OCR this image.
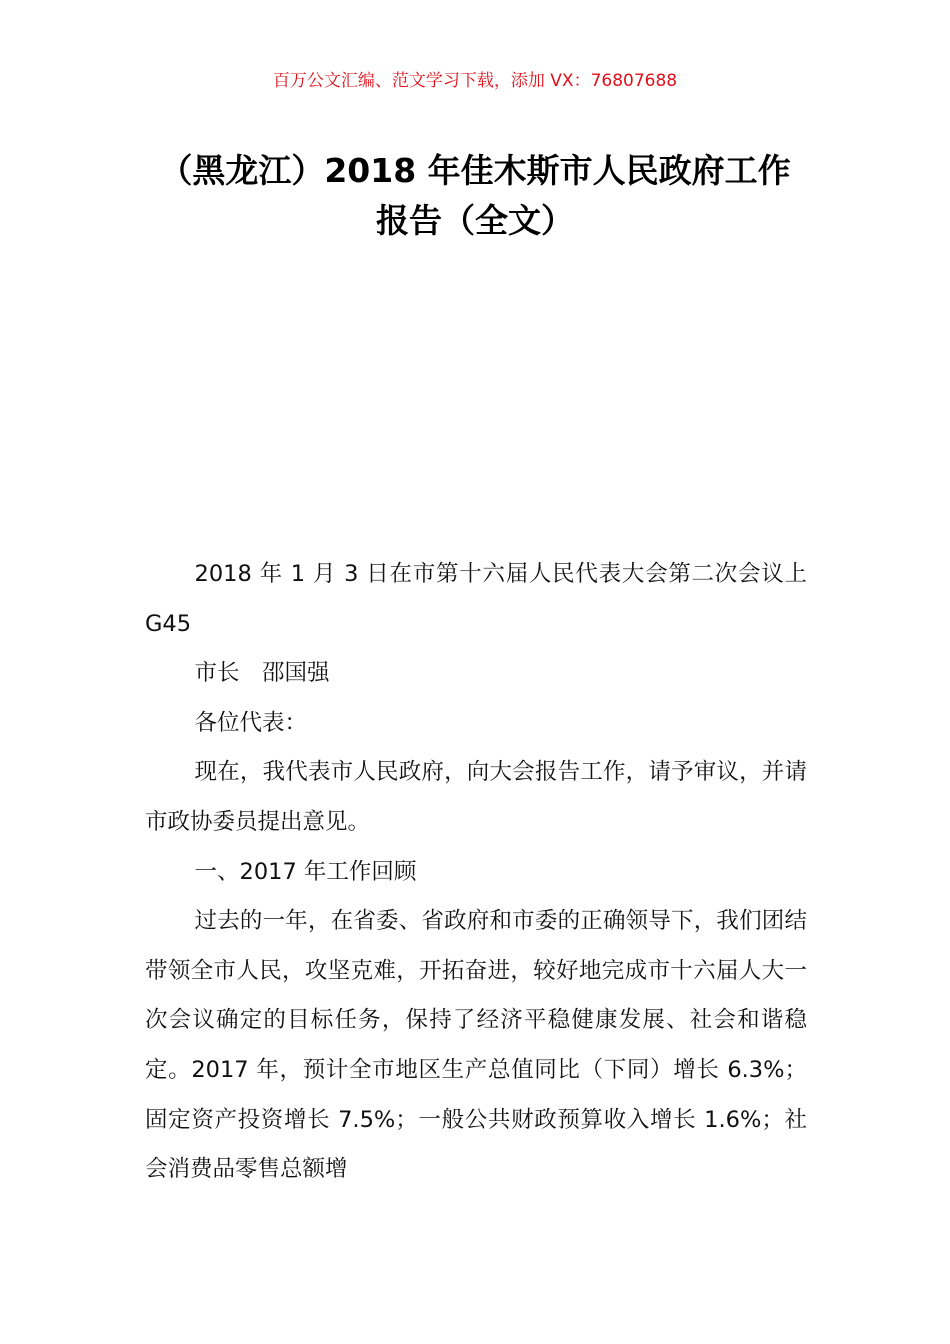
百万公文汇编、范文学习下载，添加 VX：76807688
（黑龙江）2018 年佳木斯市人民政府工作
报告（全文）

2018 年 1 月 3 日在市第十六届人民代表大会第二次会议上 G45

市长　邵国强

各位代表：

现在，我代表市人民政府，向大会报告工作，请予审议，并请市政协委员提出意见。

一、2017 年工作回顾

过去的一年，在省委、省政府和市委的正确领导下，我们团结带领全市人民，攻坚克难，开拓奋进，较好地完成市十六届人大一次会议确定的目标任务，保持了经济平稳健康发展、社会和谐稳定。2017 年，预计全市地区生产总值同比（下同）增长 6.3%；固定资产投资增长 7.5%；一般公共财政预算收入增长 1.6%；社会消费品零售总额增
